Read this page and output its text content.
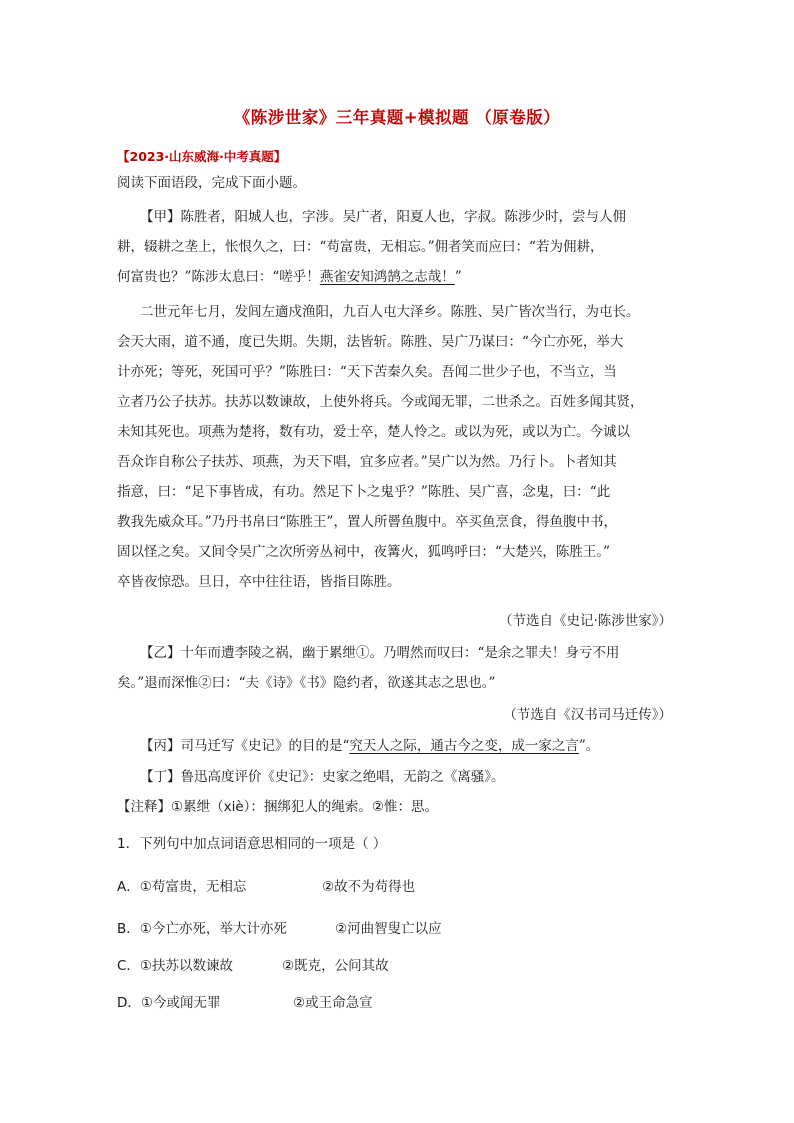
《陈涉世家》三年真题+模拟题 （原卷版）
【2023·山东威海·中考真题】
阅读下面语段，完成下面小题。
【甲】陈胜者，阳城人也，字涉。吴广者，阳夏人也，字叔。陈涉少时，尝与人佣
耕，辍耕之垄上，怅恨久之，曰：“苟富贵，无相忘。”佣者笑而应曰：“若为佣耕，
何富贵也？”陈涉太息曰：“嗟乎！燕雀安知鸿鹄之志哉！”
二世元年七月，发闾左適戍渔阳，九百人屯大泽乡。陈胜、吴广皆次当行，为屯长。
会天大雨，道不通，度已失期。失期，法皆斩。陈胜、吴广乃谋曰：“今亡亦死，举大
计亦死；等死，死国可乎？”陈胜曰：“天下苦秦久矣。吾闻二世少子也，不当立，当
立者乃公子扶苏。扶苏以数谏故，上使外将兵。今或闻无罪，二世杀之。百姓多闻其贤，
未知其死也。项燕为楚将，数有功，爱士卒，楚人怜之。或以为死，或以为亡。今诚以
吾众诈自称公子扶苏、项燕，为天下唱，宜多应者。”吴广以为然。乃行卜。卜者知其
指意，曰：“足下事皆成，有功。然足下卜之鬼乎？”陈胜、吴广喜，念鬼，曰：“此
教我先威众耳。”乃丹书帛曰“陈胜王”，置人所罾鱼腹中。卒买鱼烹食，得鱼腹中书，
固以怪之矣。又间令吴广之次所旁丛祠中，夜篝火，狐鸣呼曰：“大楚兴，陈胜王。”
卒皆夜惊恐。旦日，卒中往往语，皆指目陈胜。
（节选自《史记·陈涉世家》）
【乙】十年而遭李陵之祸，幽于累绁①。乃喟然而叹曰：“是余之罪夫！身亏不用
矣。”退而深惟②曰：“夫《诗》《书》隐约者，欲遂其志之思也。”
（节选自《汉书司马迁传》）
【丙】司马迁写《史记》的目的是“究天人之际，通古今之变，成一家之言”。
【丁】鲁迅高度评价《史记》：史家之绝唱，无韵之《离骚》。
【注释】①累绁（xiè）：捆绑犯人的绳索。②惟：思。
1．下列句中加点词语意思相同的一项是（ ）
A．①苟富贵，无相忘	②故不为苟得也
B．①今亡亦死，举大计亦死	②河曲智叟亡以应
C．①扶苏以数谏故	②既克，公问其故
D．①今或闻无罪	②或王命急宣
